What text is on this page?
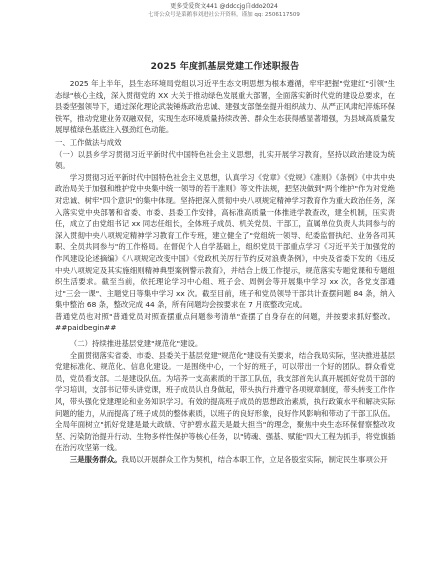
更多受爱资文441 @ddccjg自ddo2024
七哥公众号是菜鹅事刘进社公开资料，谨加 qq: 2506117509
2025 年度抓基层党建工作述职报告

2025 年上半年，县生态环境局党组以习近平生态文明思想为根本遵循，牢牢把握"党建红"引领"生态绿"核心主线，深入贯彻党的 XX 大关于推动绿色发展重大部署，全面落实新时代党的建设总要求，在县委坚强领导下，通过深化理论武装锤炼政治忠诚、建强支部堡垒提升组织战力、从严正风肃纪淬炼环保铁军，推动党建业务双融双促，实现生态环境质量持续改善、群众生态获得感显著增强，为县域高质量发展厚植绿色基底注入强劲红色动能。

一、工作做法与成效

（一）以县乡学习贯彻习近平新时代中国特色社会主义思想，扎实开展学习教育，坚持以政治建设为统领。

学习贯彻习近平新时代中国特色社会主义思想，认真学习《党章》《党规》《准则》《条例》《中共中央政治局关于加强和维护党中央集中统一领导的若干准则》等文件法规，把坚决做到"两个维护"作为对党绝对忠诚、树牢"四个意识"的集中体现。坚持把深入贯彻中央八项规定精神学习教育作为重大政治任务，深入落实党中央部署和省委、市委、县委工作安排，高标准高质量一体推进学教查改，建全机制，压实责任，成立了由党组书记 xx 同志任组长，全体班子成员、机关党员、干部工，直属单位负责人共同参与的深入贯彻中央八项规定精神学习教育工作专班，建立健全了"党组统一领导、纪委监督执纪、业务各司其职、全员共同参与"的工作格局。在督促个人自学基础上，组织党员干部重点学习《习近平关于加强党的作风建设论述摘编》《八项规定改变中国》《党政机关厉行节约反对浪费条例》，中央及省委下发的《违反中央八项规定及其实施细则精神典型案例警示教育》，并结合上级工作提示，规范落实专题党课和专题组织生活要求。截至当前，依托理论学习中心组、班子会、周例会等开展集中学习 xx 次，各党支部通过"三会一课"、主题党日等集中学习 xx 次。截至目前，班子和党员领导干部共计查摆问题 84 条，纳入集中整治 68 条，整改完成 44 条，所有问题均会按要求在 7 月底整改完成。

普通党员也对照"普通党员对照查摆重点问题参考清单"查摆了自身存在的问题，并按要求抓好整改。##paidbegin##

（二）持续推进基层党建"规范化"建设。

全面贯彻落实省委、市委、县委关于基层党建"规范化"建设有关要求，结合我局实际，坚决推进基层党建标准化、规范化、信息化建设。一是围绕中心，一个好的班子，可以带出一个好的团队。群众看党员，党员看支部。二是建设队伍。为培养一支高素质的干部工队伍，我支部首先认真开展抓好党员干部的学习培训，支部书记带头讲党课，班子成员认自身做起，带头执行并遵守各项规章制度，带头转变工作作风，带头强化党建理论和业务知识学习。有效的提高班子成员的思想政治素质，执行政策水平和解决实际问题的能力，从而提高了班子成员的整体素质，以班子的良好形象，良好作风影响和带动了干部工队伍。全局年面树立"抓好党建是最大政绩、守护碧水蓝天是最大担当"的理念，聚焦中央生态环保督察整改攻坚、污染防治提升行动、生物多样性保护等核心任务，以"铸魂、强基、赋能"四大工程为抓手，将党旗插在治污攻坚第一线。

三是服务群众。我局以开展群众工作为契机，结合本职工作，立足各股室实际，制定民生事项公开
